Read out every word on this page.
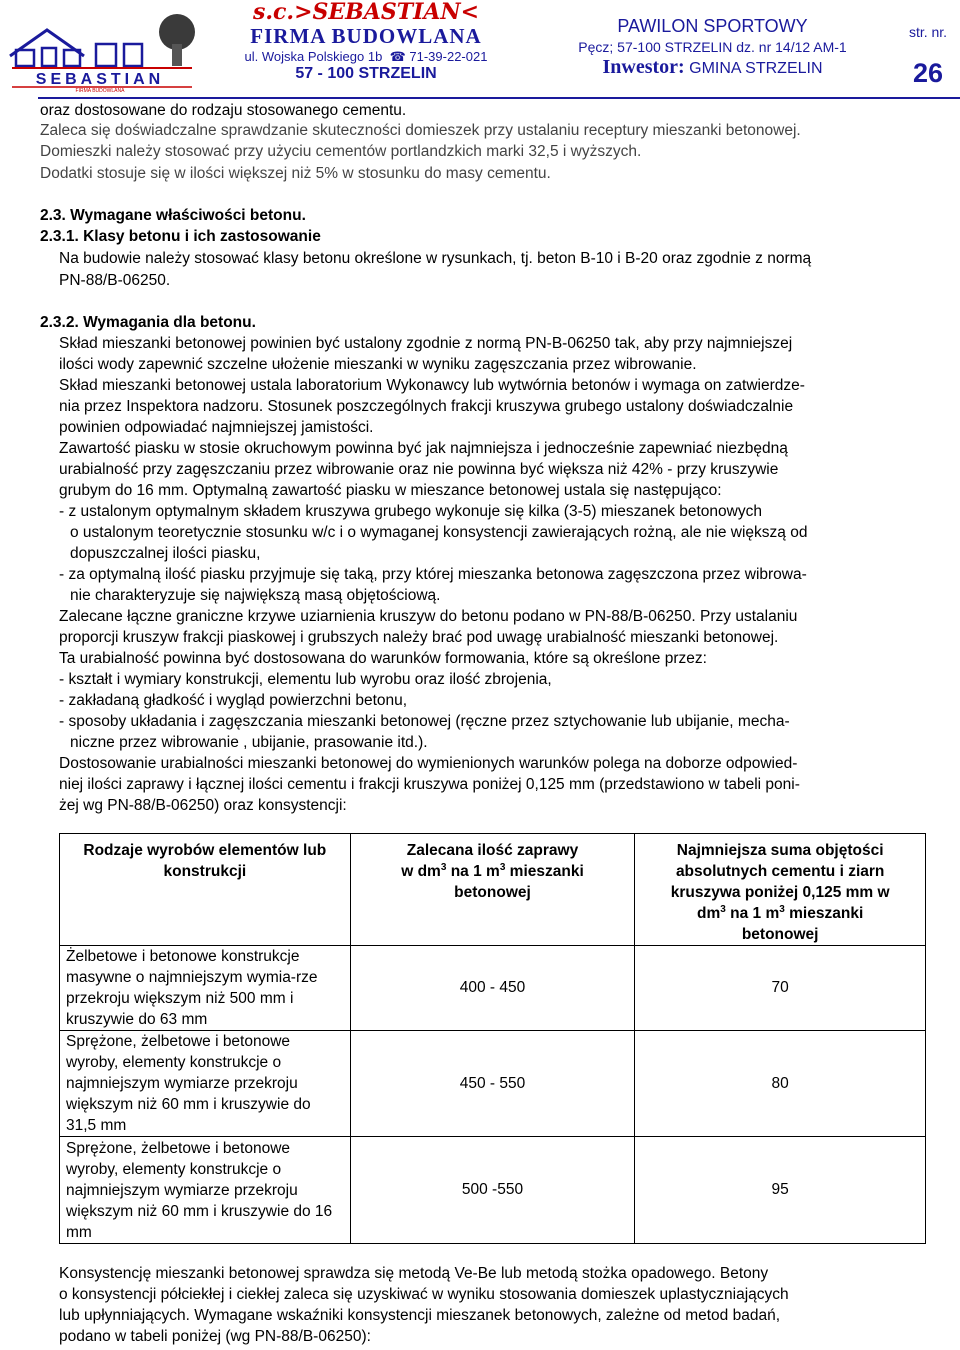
SEBASTIAN
FIRMA BUDOWLANA
s.c.>SEBASTIAN<
FIRMA BUDOWLANA
ul. Wojska Polskiego 1b  ☎ 71-39-22-021
57 - 100 STRZELIN
PAWILON SPORTOWY
Pęcz; 57-100 STRZELIN dz. nr 14/12 AM-1
Inwestor: GMINA STRZELIN
str. nr.
26
oraz dostosowane do rodzaju stosowanego cementu.
Zaleca się doświadczalne sprawdzanie skuteczności domieszek przy ustalaniu receptury mieszanki betonowej.
Domieszki należy stosować przy użyciu cementów portlandzkich marki 32,5 i wyższych.
Dodatki stosuje się w ilości większej niż 5% w stosunku do masy cementu.
2.3. Wymagane właściwości betonu.
2.3.1. Klasy betonu i ich zastosowanie
Na budowie należy stosować klasy betonu określone w rysunkach, tj. beton B-10 i B-20 oraz zgodnie z normą
PN-88/B-06250.
2.3.2. Wymagania dla betonu.
Skład mieszanki betonowej powinien być ustalony zgodnie z normą PN-B-06250 tak, aby przy najmniejszej
ilości wody zapewnić szczelne ułożenie mieszanki w wyniku zagęszczania przez wibrowanie.
Skład mieszanki betonowej ustala laboratorium Wykonawcy lub wytwórnia betonów i wymaga on zatwierdze-
nia przez Inspektora nadzoru. Stosunek poszczególnych frakcji kruszywa grubego ustalony doświadczalnie
powinien odpowiadać najmniejszej jamistości.
Zawartość piasku w stosie okruchowym powinna być jak najmniejsza i jednocześnie zapewniać niezbędną
urabialność przy zagęszczaniu przez wibrowanie oraz nie powinna być większa niż 42% - przy kruszywie
grubym do 16 mm. Optymalną zawartość piasku w mieszance betonowej ustala się następująco:
- z ustalonym optymalnym składem kruszywa grubego wykonuje się kilka (3-5) mieszanek betonowych
o ustalonym teoretycznie stosunku w/c i o wymaganej konsystencji zawierających rożną, ale nie większą od
dopuszczalnej ilości piasku,
- za optymalną ilość piasku przyjmuje się taką, przy której mieszanka betonowa zagęszczona przez wibrowa-
nie charakteryzuje się największą masą objętościową.
Zalecane łączne graniczne krzywe uziarnienia kruszyw do betonu podano w PN-88/B-06250. Przy ustalaniu
proporcji kruszyw frakcji piaskowej i grubszych należy brać pod uwagę urabialność mieszanki betonowej.
Ta urabialność powinna być dostosowana do warunków formowania, które są określone przez:
- kształt i wymiary konstrukcji, elementu lub wyrobu oraz ilość zbrojenia,
- zakładaną gładkość i wygląd powierzchni betonu,
- sposoby układania i zagęszczania mieszanki betonowej (ręczne przez sztychowanie lub ubijanie, mecha-
niczne przez wibrowanie , ubijanie, prasowanie itd.).
Dostosowanie urabialności mieszanki betonowej do wymienionych warunków polega na doborze odpowied-
niej ilości zaprawy i łącznej ilości cementu i frakcji kruszywa poniżej 0,125 mm (przedstawiono w tabeli poni-
żej wg PN-88/B-06250) oraz konsystencji:
Rodzaje wyrobów elementów lub konstrukcji	Zalecana ilość zaprawy
w $dm^3$ na 1 $m^3$ mieszanki
betonowej	Najmniejsza suma objętości absolutnych cementu i ziarn kruszywa poniżej 0,125 mm w
$dm^3$ na 1 $m^3$ mieszanki
betonowej

Żelbetowe i betonowe konstrukcje masywne o najmniejszym wymia-rze przekroju większym niż 500 mm i kruszywie do 63 mm	400 - 450	70
Sprężone, żelbetowe i betonowe wyroby, elementy konstrukcje o najmniejszym wymiarze przekroju większym niż 60 mm i kruszywie do 31,5 mm	450 - 550	80
Sprężone, żelbetowe i betonowe wyroby, elementy konstrukcje o najmniejszym wymiarze przekroju większym niż 60 mm i kruszywie do 16 mm	500 -550	95
Konsystencję mieszanki betonowej sprawdza się metodą Ve-Be lub metodą stożka opadowego. Betony
o konsystencji półciekłej i ciekłej zaleca się uzyskiwać w wyniku stosowania domieszek uplastyczniających
lub upłynniających. Wymagane wskaźniki konsystencji mieszanek betonowych, zależne od metod badań,
podano w tabeli poniżej (wg PN-88/B-06250):
